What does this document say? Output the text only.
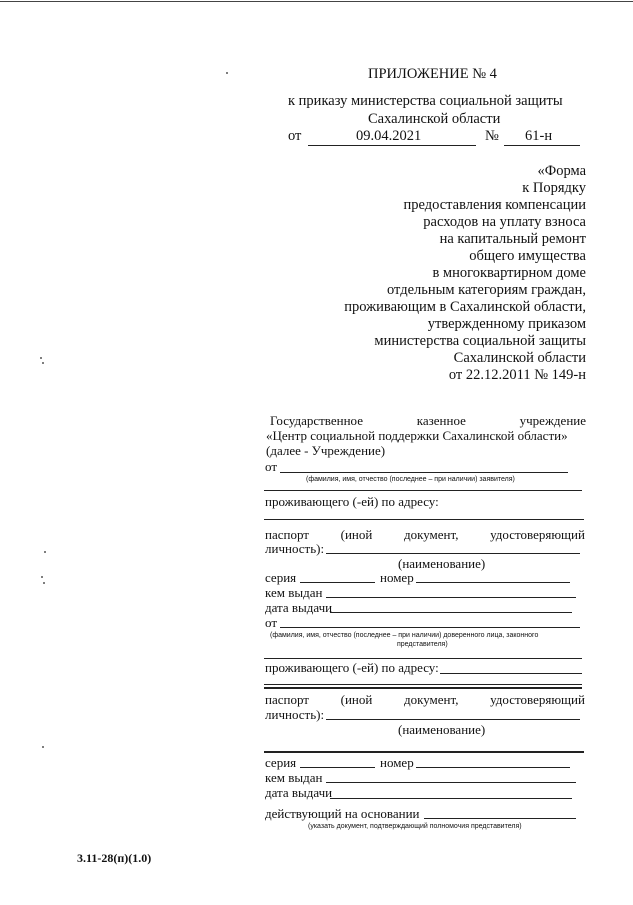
ПРИЛОЖЕНИЕ № 4
к приказу министерства социальной защиты
Сахалинской области
от	09.04.2021	№ 61-н
«Форма
к Порядку
предоставления компенсации
расходов на уплату взноса
на капитальный ремонт
общего имущества
в многоквартирном доме
отдельным категориям граждан,
проживающим в Сахалинской области,
утвержденному приказом
министерства социальной защиты
Сахалинской области
от 22.12.2011 № 149-н
Государственное	казенное	учреждение
«Центр социальной поддержки Сахалинской области»
(далее - Учреждение)
от
(фамилия, имя, отчество (последнее – при наличии) заявителя)
проживающего (-ей) по адресу:
паспорт (иной документ, удостоверяющий
личность):
(наименование)
серия	номер
кем выдан
дата выдачи
от
(фамилия, имя, отчество (последнее – при наличии) доверенного лица, законного
представителя)
проживающего (-ей) по адресу:
паспорт (иной документ, удостоверяющий
личность):
(наименование)
серия	номер
кем выдан
дата выдачи
действующий на основании
(указать документ, подтверждающий полномочия представителя)
3.11-28(п)(1.0)
